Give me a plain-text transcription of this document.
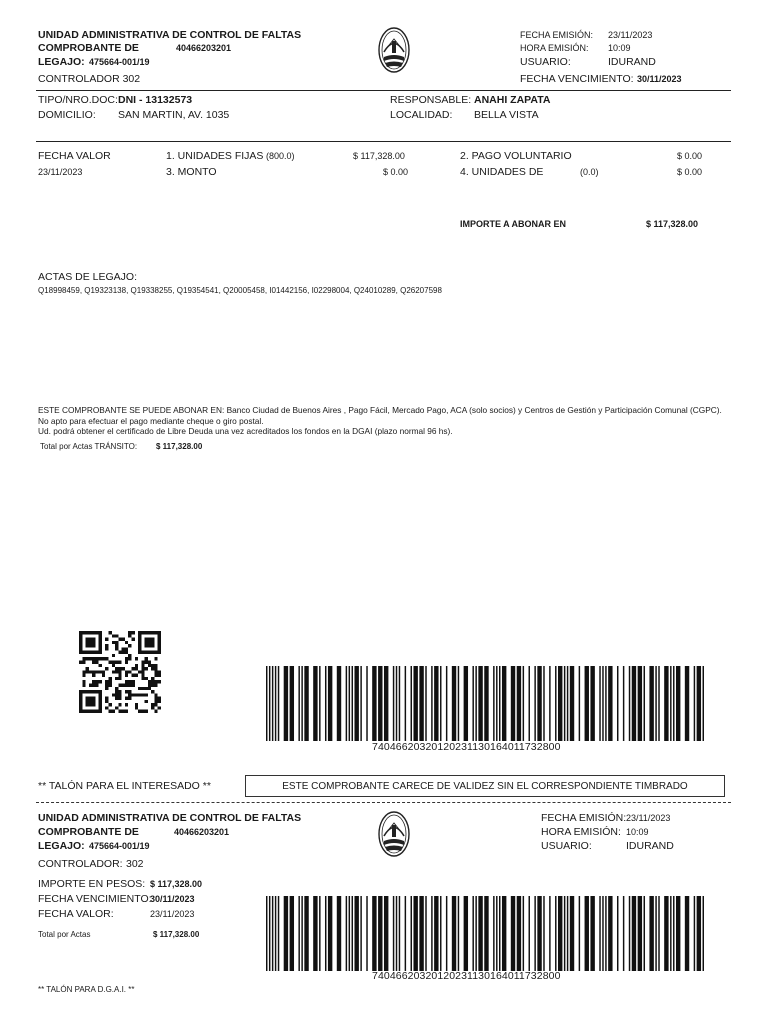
UNIDAD ADMINISTRATIVA DE CONTROL DE FALTAS
COMPROBANTE DE	40466203201
LEGAJO: 475664-001/19
CONTROLADOR 302
FECHA EMISIÓN: 23/11/2023
HORA EMISIÓN: 10:09
USUARIO:	IDURAND
FECHA VENCIMIENTO: 30/11/2023
TIPO/NRO.DOC: DNI - 13132573
DOMICILIO: SAN MARTIN, AV. 1035
RESPONSABLE: ANAHI ZAPATA
LOCALIDAD: BELLA VISTA
FECHA VALOR
23/11/2023
1. UNIDADES FIJAS (800.0)	$ 117,328.00
3. MONTO	$ 0.00
2. PAGO VOLUNTARIO	$ 0.00
4. UNIDADES DE	(0.0)	$ 0.00
IMPORTE A ABONAR EN	$ 117,328.00
ACTAS DE LEGAJO:
Q18998459, Q19323138, Q19338255, Q19354541, Q20005458, I01442156, I02298004, Q24010289, Q26207598
ESTE COMPROBANTE SE PUEDE ABONAR EN: Banco Ciudad de Buenos Aires , Pago Fácil, Mercado Pago, ACA (solo socios) y Centros de Gestión y Participación Comunal (CGPC). No apto para efectuar el pago mediante cheque o giro postal.
Ud. podrá obtener el certificado de Libre Deuda una vez acreditados los fondos en la DGAI (plazo normal 96 hs).
Total por Actas TRÁNSITO: $ 117,328.00
74046620320120231130164011732800
** TALÓN PARA EL INTERESADO **	ESTE COMPROBANTE CARECE DE VALIDEZ SIN EL CORRESPONDIENTE TIMBRADO
UNIDAD ADMINISTRATIVA DE CONTROL DE FALTAS
COMPROBANTE DE	40466203201
LEGAJO: 475664-001/19
CONTROLADOR: 302
IMPORTE EN PESOS: $ 117,328.00
FECHA VENCIMIENTO:
30/11/2023
FECHA VALOR:	23/11/2023
Total por Actas	$ 117,328.00
FECHA EMISIÓN: 23/11/2023
HORA EMISIÓN: 10:09
USUARIO:	IDURAND
74046620320120231130164011732800
** TALÓN PARA D.G.A.I. **
